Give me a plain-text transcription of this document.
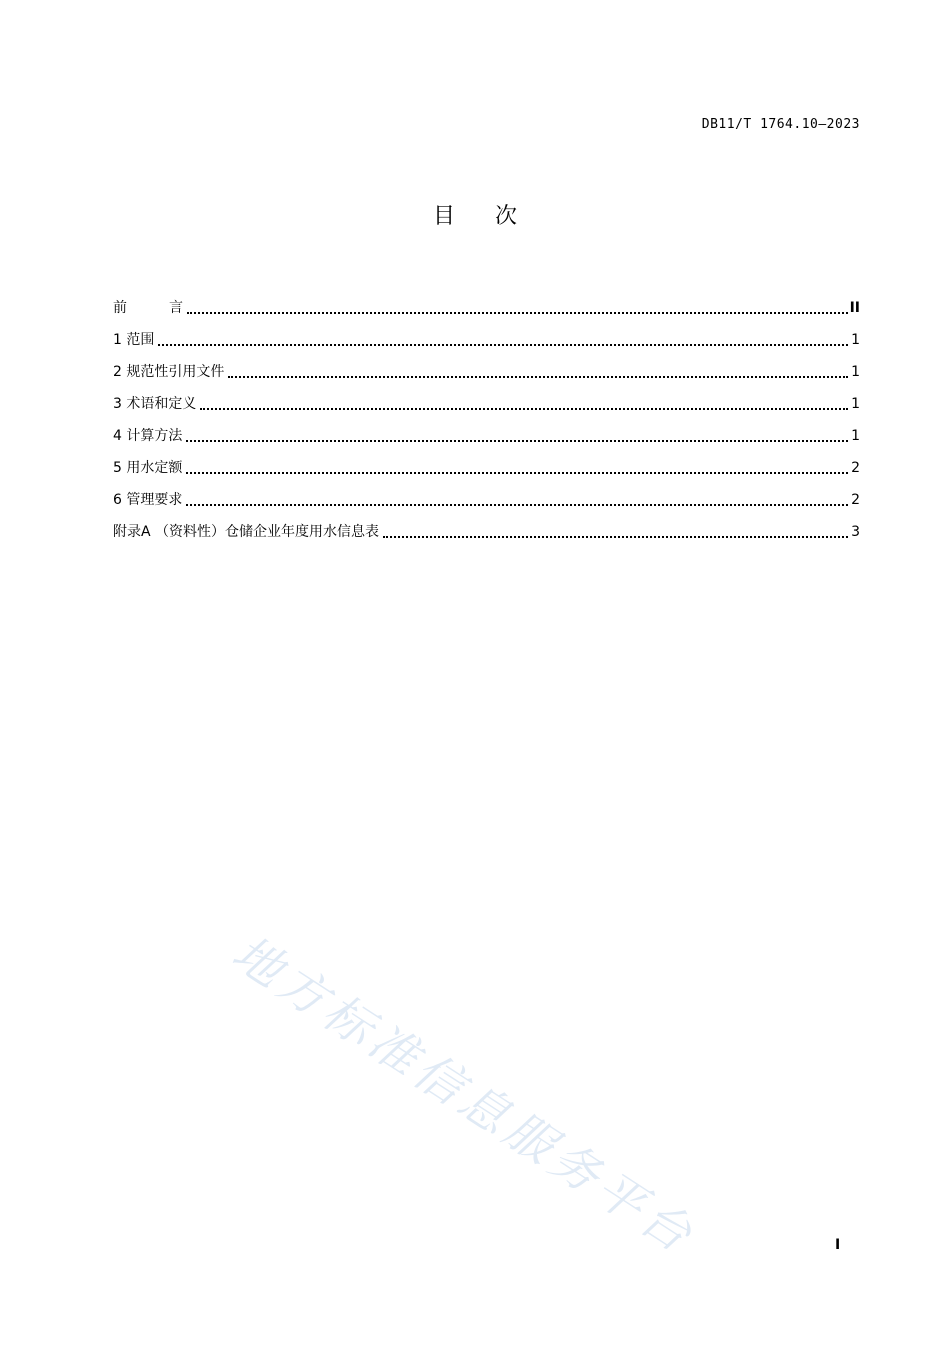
DB11/T 1764.10—2023
目 次
前　　　言	II
1 范围	1
2 规范性引用文件	1
3 术语和定义	1
4 计算方法	1
5 用水定额	2
6 管理要求	2
附录A （资料性）仓储企业年度用水信息表	3
地方标准信息服务平台	I
